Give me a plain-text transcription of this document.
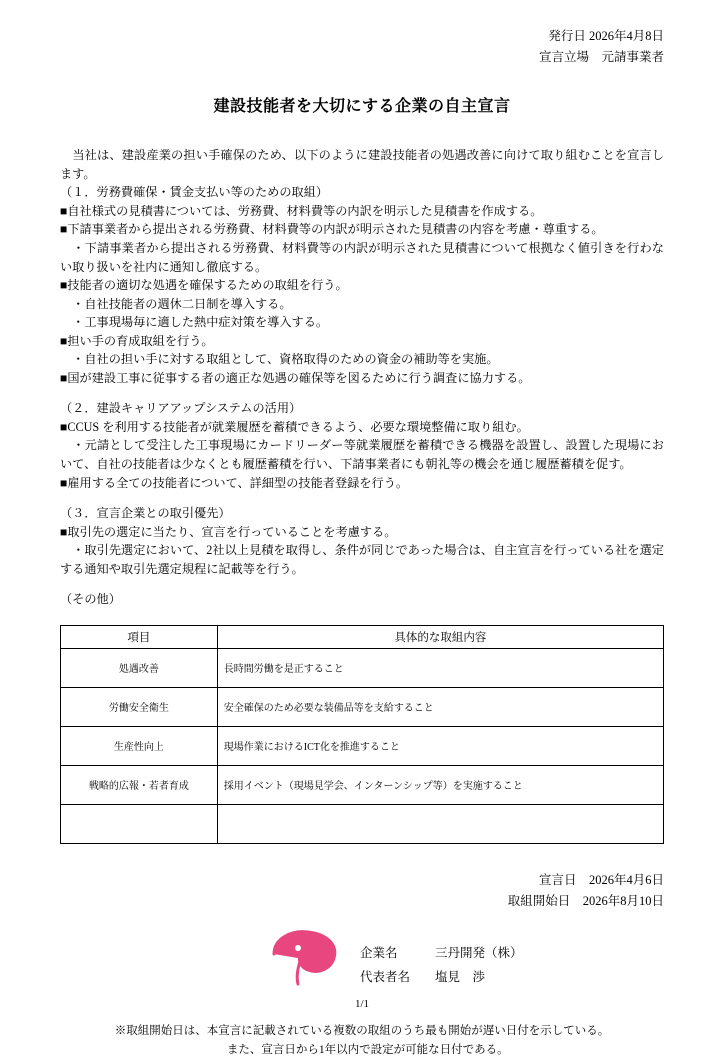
発行日 2026年4月8日
宣言立場　元請事業者
建設技能者を大切にする企業の自主宣言

　当社は、建設産業の担い手確保のため、以下のように建設技能者の処遇改善に向けて取り組むことを宣言します。

（１．労務費確保・賃金支払い等のための取組）

■自社様式の見積書については、労務費、材料費等の内訳を明示した見積書を作成する。

■下請事業者から提出される労務費、材料費等の内訳が明示された見積書の内容を考慮・尊重する。

　・下請事業者から提出される労務費、材料費等の内訳が明示された見積書について根拠なく値引きを行わない取り扱いを社内に通知し徹底する。

■技能者の適切な処遇を確保するための取組を行う。

　・自社技能者の週休二日制を導入する。

　・工事現場毎に適した熱中症対策を導入する。

■担い手の育成取組を行う。

　・自社の担い手に対する取組として、資格取得のための資金の補助等を実施。

■国が建設工事に従事する者の適正な処遇の確保等を図るために行う調査に協力する。

（２．建設キャリアアップシステムの活用）

■CCUS を利用する技能者が就業履歴を蓄積できるよう、必要な環境整備に取り組む。

　・元請として受注した工事現場にカードリーダー等就業履歴を蓄積できる機器を設置し、設置した現場において、自社の技能者は少なくとも履歴蓄積を行い、下請事業者にも朝礼等の機会を通じ履歴蓄積を促す。

■雇用する全ての技能者について、詳細型の技能者登録を行う。

（３．宣言企業との取引優先）

■取引先の選定に当たり、宣言を行っていることを考慮する。

　・取引先選定において、2社以上見積を取得し、条件が同じであった場合は、自主宣言を行っている社を選定する通知や取引先選定規程に記載等を行う。

（その他）

項目	具体的な取組内容
処遇改善	長時間労働を是正すること
労働安全衛生	安全確保のため必要な装備品等を支給すること
生産性向上	現場作業におけるICT化を推進すること
戦略的広報・若者育成	採用イベント（現場見学会、インターンシップ等）を実施すること

宣言日　2026年4月6日
取組開始日　2026年8月10日
企業名　　　三丹開発（株）
代表者名　　塩見　渉
※取組開始日は、本宣言に記載されている複数の取組のうち最も開始が遅い日付を示している。
　また、宣言日から1年以内で設定が可能な日付である。
1/1
